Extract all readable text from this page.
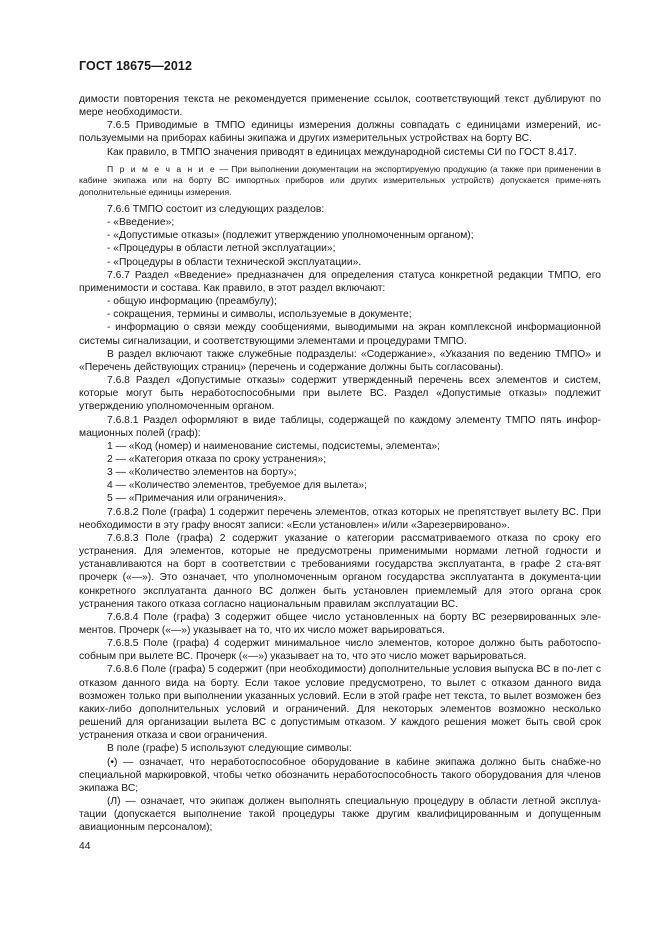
ГОСТ 18675—2012

димости повторения текста не рекомендуется применение ссылок, соответствующий текст дублируют по мере необходимости.

7.6.5 Приводимые в ТМПО единицы измерения должны совпадать с единицами измерений, ис-пользуемыми на приборах кабины экипажа и других измерительных устройствах на борту ВС.

Как правило, в ТМПО значения приводят в единицах международной системы СИ по ГОСТ 8.417.

П р и м е ч а н и е — При выполнении документации на экспортируемую продукцию (а также при применении в кабине экипажа или на борту ВС импортных приборов или других измерительных устройств) допускается приме-нять дополнительные единицы измерения.

7.6.6 ТМПО состоит из следующих разделов:

- «Введение»;

- «Допустимые отказы» (подлежит утверждению уполномоченным органом);

- «Процедуры в области летной эксплуатации»;

- «Процедуры в области технической эксплуатации».

7.6.7 Раздел «Введение» предназначен для определения статуса конкретной редакции ТМПО, его применимости и состава. Как правило, в этот раздел включают:

- общую информацию (преамбулу);

- сокращения, термины и символы, используемые в документе;

- информацию о связи между сообщениями, выводимыми на экран комплексной информационной системы сигнализации, и соответствующими элементами и процедурами ТМПО.

В раздел включают также служебные подразделы: «Содержание», «Указания по ведению ТМПО» и «Перечень действующих страниц» (перечень и содержание должны быть согласованы).

7.6.8 Раздел «Допустимые отказы» содержит утвержденный перечень всех элементов и систем, которые могут быть неработоспособными при вылете ВС. Раздел «Допустимые отказы» подлежит утверждению уполномоченным органом.

7.6.8.1 Раздел оформляют в виде таблицы, содержащей по каждому элементу ТМПО пять инфор-мационных полей (граф):

1 — «Код (номер) и наименование системы, подсистемы, элемента»;

2 — «Категория отказа по сроку устранения»;

3 — «Количество элементов на борту»;

4 — «Количество элементов, требуемое для вылета»;

5 — «Примечания или ограничения».

7.6.8.2 Поле (графа) 1 содержит перечень элементов, отказ которых не препятствует вылету ВС. При необходимости в эту графу вносят записи: «Если установлен» и/или «Зарезервировано».

7.6.8.3 Поле (графа) 2 содержит указание о категории рассматриваемого отказа по сроку его устранения. Для элементов, которые не предусмотрены применимыми нормами летной годности и устанавливаются на борт в соответствии с требованиями государства эксплуатанта, в графе 2 ста-вят прочерк («—»). Это означает, что уполномоченным органом государства эксплуатанта в документа-ции конкретного эксплуатанта данного ВС должен быть установлен приемлемый для этого органа срок устранения такого отказа согласно национальным правилам эксплуатации ВС.

7.6.8.4 Поле (графа) 3 содержит общее число установленных на борту ВС резервированных эле-ментов. Прочерк («—») указывает на то, что их число может варьироваться.

7.6.8.5 Поле (графа) 4 содержит минимальное число элементов, которое должно быть работоспо-собным при вылете ВС. Прочерк («—») указывает на то, что это число может варьироваться.

7.6.8.6 Поле (графа) 5 содержит (при необходимости) дополнительные условия выпуска ВС в по-лет с отказом данного вида на борту. Если такое условие предусмотрено, то вылет с отказом данного вида возможен только при выполнении указанных условий. Если в этой графе нет текста, то вылет возможен без каких-либо дополнительных условий и ограничений. Для некоторых элементов возможно несколько решений для организации вылета ВС с допустимым отказом. У каждого решения может быть свой срок устранения отказа и свои ограничения.

В поле (графе) 5 используют следующие символы:

(•) — означает, что неработоспособное оборудование в кабине экипажа должно быть снабже-но специальной маркировкой, чтобы четко обозначить неработоспособность такого оборудования для членов экипажа ВС;

(Л) — означает, что экипаж должен выполнять специальную процедуру в области летной эксплуа-тации (допускается выполнение такой процедуры также другим квалифицированным и допущенным авиационным персоналом);

44
